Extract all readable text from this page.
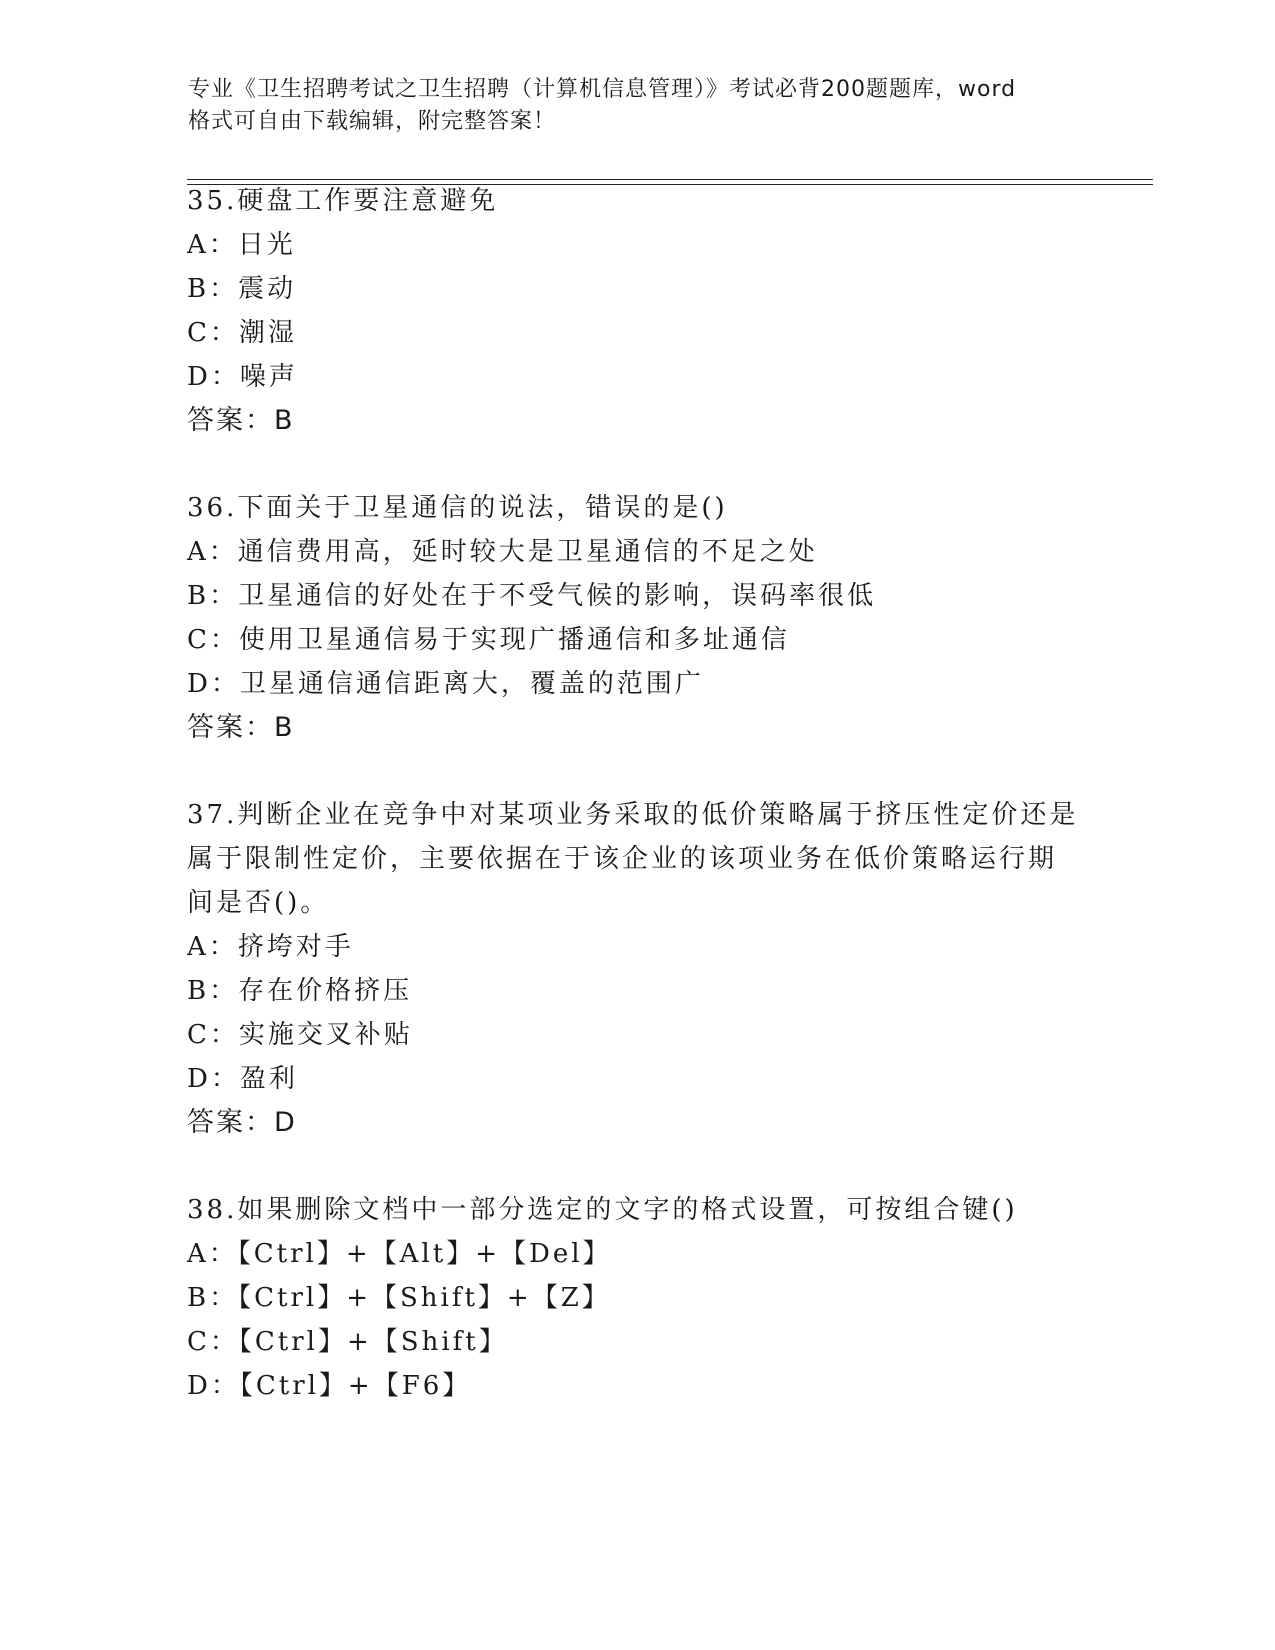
专业《卫生招聘考试之卫生招聘（计算机信息管理）》考试必背200题题库，word
格式可自由下载编辑，附完整答案！
35.硬盘工作要注意避免
A：日光
B：震动
C：潮湿
D：噪声
答案：B
36.下面关于卫星通信的说法，错误的是()
A：通信费用高，延时较大是卫星通信的不足之处
B：卫星通信的好处在于不受气候的影响，误码率很低
C：使用卫星通信易于实现广播通信和多址通信
D：卫星通信通信距离大，覆盖的范围广
答案：B
37.判断企业在竞争中对某项业务采取的低价策略属于挤压性定价还是
属于限制性定价，主要依据在于该企业的该项业务在低价策略运行期
间是否()。
A：挤垮对手
B：存在价格挤压
C：实施交叉补贴
D：盈利
答案：D
38.如果删除文档中一部分选定的文字的格式设置，可按组合键()
A：【Ctrl】+【Alt】+【Del】
B：【Ctrl】+【Shift】+【Z】
C：【Ctrl】+【Shift】
D：【Ctrl】+【F6】
